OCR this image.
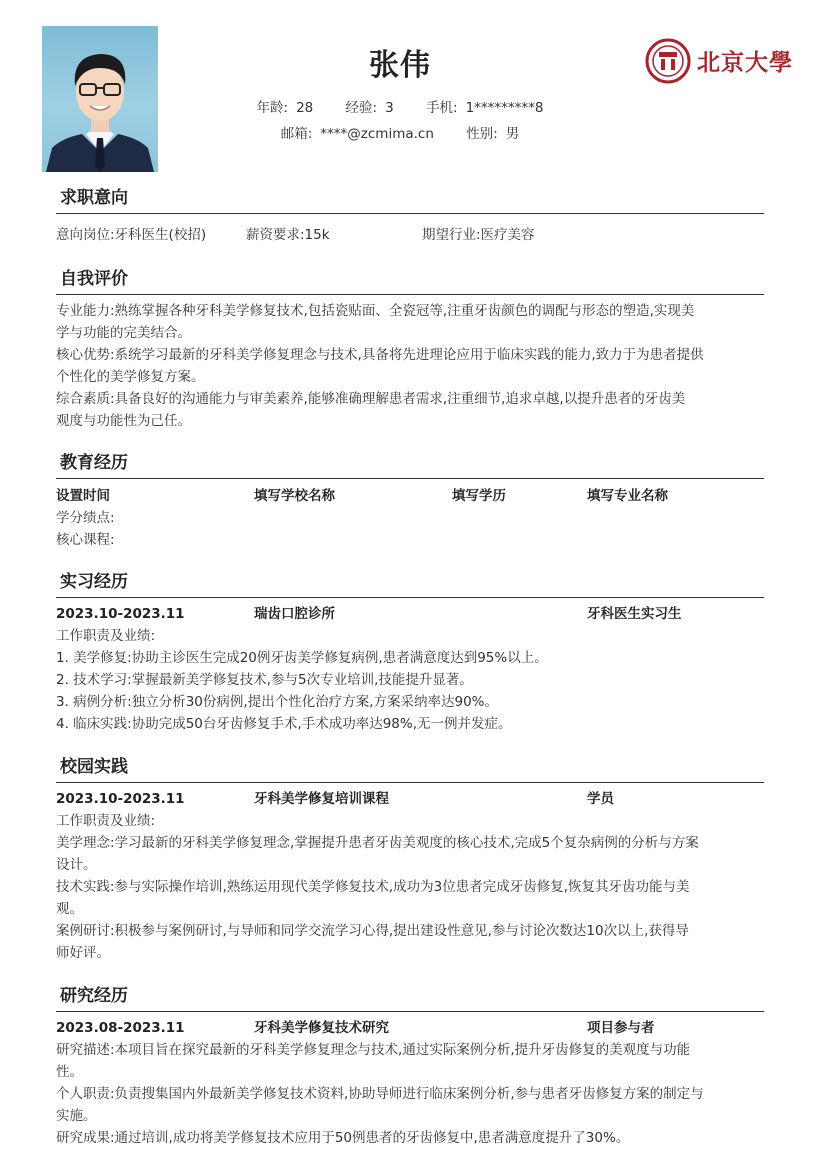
张伟
年龄: 28 经验: 3 手机: 1*********8
邮箱: ****@zcmima.cn 性别: 男
北京大學
求职意向
意向岗位:牙科医生(校招)	薪资要求:15k	期望行业:医疗美容
自我评价

专业能力:熟练掌握各种牙科美学修复技术,包括瓷贴面、全瓷冠等,注重牙齿颜色的调配与形态的塑造,实现美

学与功能的完美结合。

核心优势:系统学习最新的牙科美学修复理念与技术,具备将先进理论应用于临床实践的能力,致力于为患者提供

个性化的美学修复方案。

综合素质:具备良好的沟通能力与审美素养,能够准确理解患者需求,注重细节,追求卓越,以提升患者的牙齿美

观度与功能性为己任。

教育经历
设置时间	填写学校名称	填写学历	填写专业名称

学分绩点:

核心课程:

实习经历
2023.10-2023.11	瑞齿口腔诊所	牙科医生实习生

工作职责及业绩:

1. 美学修复:协助主诊医生完成20例牙齿美学修复病例,患者满意度达到95%以上。

2. 技术学习:掌握最新美学修复技术,参与5次专业培训,技能提升显著。

3. 病例分析:独立分析30份病例,提出个性化治疗方案,方案采纳率达90%。

4. 临床实践:协助完成50台牙齿修复手术,手术成功率达98%,无一例并发症。

校园实践
2023.10-2023.11	牙科美学修复培训课程	学员

工作职责及业绩:

美学理念:学习最新的牙科美学修复理念,掌握提升患者牙齿美观度的核心技术,完成5个复杂病例的分析与方案

设计。

技术实践:参与实际操作培训,熟练运用现代美学修复技术,成功为3位患者完成牙齿修复,恢复其牙齿功能与美

观。

案例研讨:积极参与案例研讨,与导师和同学交流学习心得,提出建设性意见,参与讨论次数达10次以上,获得导

师好评。

研究经历
2023.08-2023.11	牙科美学修复技术研究	项目参与者

研究描述:本项目旨在探究最新的牙科美学修复理念与技术,通过实际案例分析,提升牙齿修复的美观度与功能

性。

个人职责:负责搜集国内外最新美学修复技术资料,协助导师进行临床案例分析,参与患者牙齿修复方案的制定与

实施。

研究成果:通过培训,成功将美学修复技术应用于50例患者的牙齿修复中,患者满意度提升了30%。
